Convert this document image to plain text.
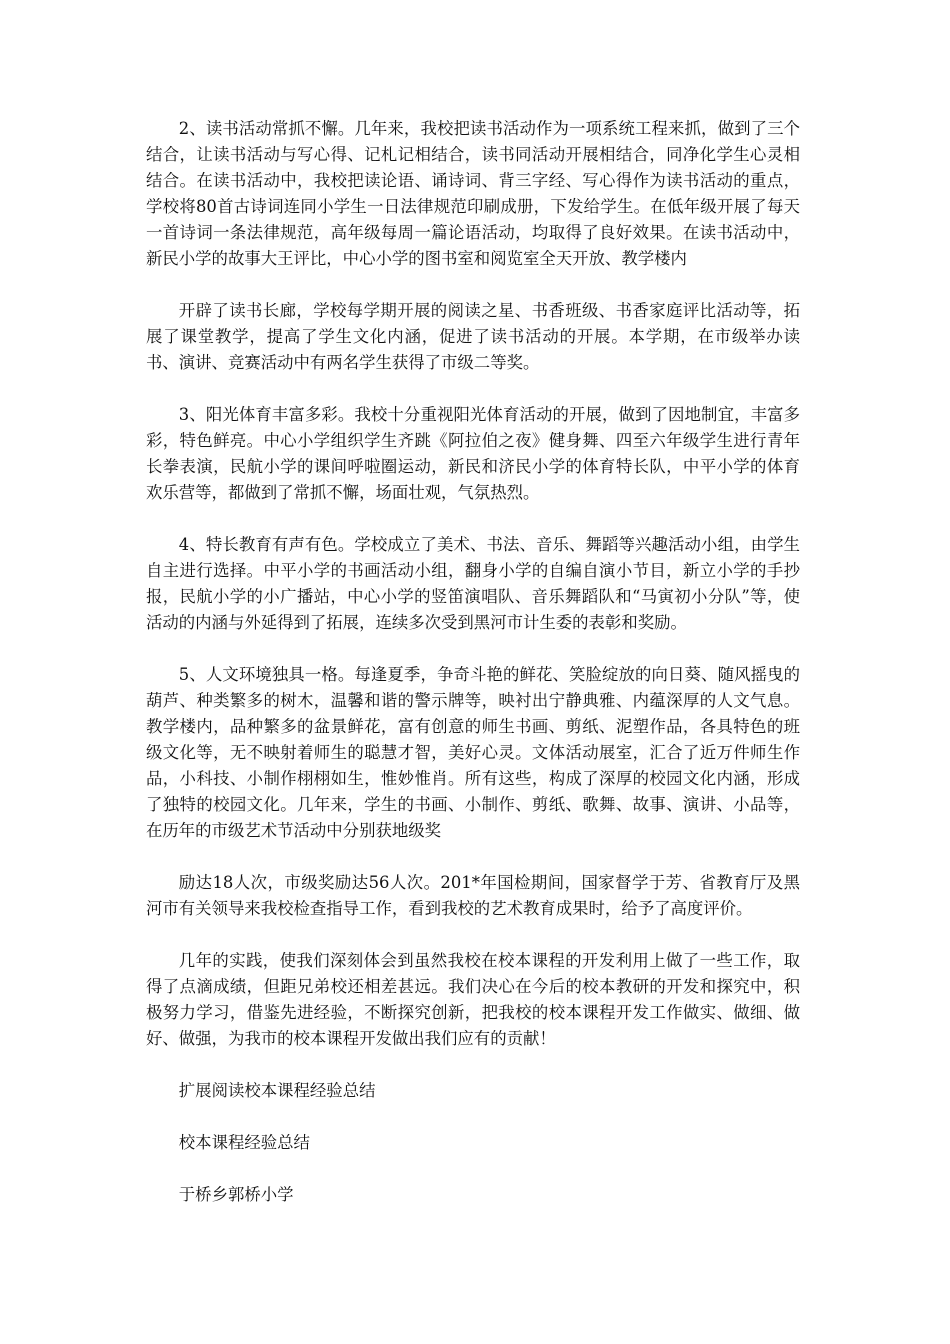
2、读书活动常抓不懈。几年来，我校把读书活动作为一项系统工程来抓，做到了三个结合，让读书活动与写心得、记札记相结合，读书同活动开展相结合，同净化学生心灵相结合。在读书活动中，我校把读论语、诵诗词、背三字经、写心得作为读书活动的重点，学校将80首古诗词连同小学生一日法律规范印刷成册，下发给学生。在低年级开展了每天一首诗词一条法律规范，高年级每周一篇论语活动，均取得了良好效果。在读书活动中，新民小学的故事大王评比，中心小学的图书室和阅览室全天开放、教学楼内

开辟了读书长廊，学校每学期开展的阅读之星、书香班级、书香家庭评比活动等，拓展了课堂教学，提高了学生文化内涵，促进了读书活动的开展。本学期，在市级举办读书、演讲、竞赛活动中有两名学生获得了市级二等奖。

3、阳光体育丰富多彩。我校十分重视阳光体育活动的开展，做到了因地制宜，丰富多彩，特色鲜亮。中心小学组织学生齐跳《阿拉伯之夜》健身舞、四至六年级学生进行青年长拳表演，民航小学的课间呼啦圈运动，新民和济民小学的体育特长队，中平小学的体育欢乐营等，都做到了常抓不懈，场面壮观，气氛热烈。

4、特长教育有声有色。学校成立了美术、书法、音乐、舞蹈等兴趣活动小组，由学生自主进行选择。中平小学的书画活动小组，翻身小学的自编自演小节目，新立小学的手抄报，民航小学的小广播站，中心小学的竖笛演唱队、音乐舞蹈队和“马寅初小分队”等，使活动的内涵与外延得到了拓展，连续多次受到黑河市计生委的表彰和奖励。

5、人文环境独具一格。每逢夏季，争奇斗艳的鲜花、笑脸绽放的向日葵、随风摇曳的葫芦、种类繁多的树木，温馨和谐的警示牌等，映衬出宁静典雅、内蕴深厚的人文气息。教学楼内，品种繁多的盆景鲜花，富有创意的师生书画、剪纸、泥塑作品，各具特色的班级文化等，无不映射着师生的聪慧才智，美好心灵。文体活动展室，汇合了近万件师生作品，小科技、小制作栩栩如生，惟妙惟肖。所有这些，构成了深厚的校园文化内涵，形成了独特的校园文化。几年来，学生的书画、小制作、剪纸、歌舞、故事、演讲、小品等，在历年的市级艺术节活动中分别获地级奖

励达18人次，市级奖励达56人次。201*年国检期间，国家督学于芳、省教育厅及黑河市有关领导来我校检查指导工作，看到我校的艺术教育成果时，给予了高度评价。

几年的实践，使我们深刻体会到虽然我校在校本课程的开发利用上做了一些工作，取得了点滴成绩，但距兄弟校还相差甚远。我们决心在今后的校本教研的开发和探究中，积极努力学习，借鉴先进经验，不断探究创新，把我校的校本课程开发工作做实、做细、做好、做强，为我市的校本课程开发做出我们应有的贡献！

扩展阅读校本课程经验总结

校本课程经验总结

于桥乡郭桥小学
